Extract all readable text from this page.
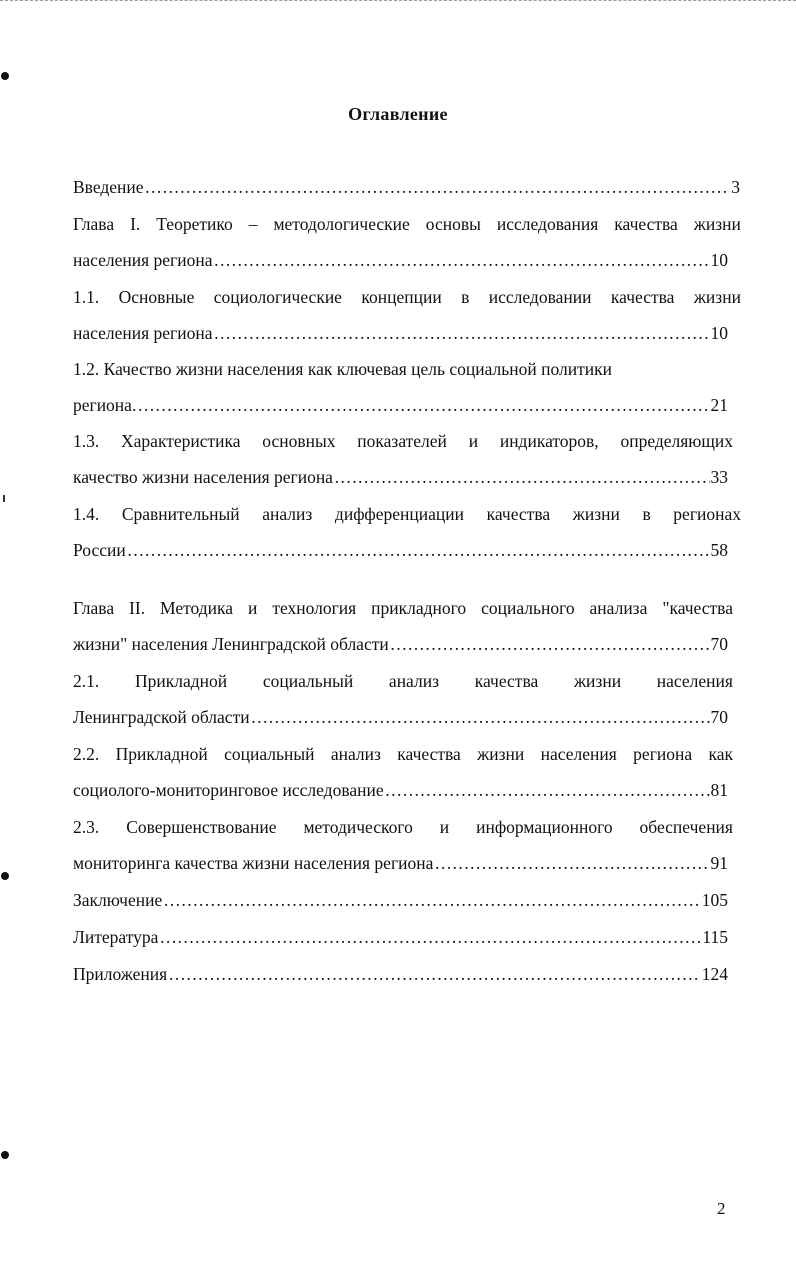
Оглавление
Введение ……………………………………………………………………………………………………………………………………………………………………	3
Глава I. Теоретико – методологические основы исследования качества жизни
населения региона ……………………………………………………………………………………………………………………………………………………………………	10
1.1. Основные социологические концепции в исследовании качества жизни
населения региона ……………………………………………………………………………………………………………………………………………………………………	10
1.2. Качество жизни населения как ключевая цель социальной политики
региона. ……………………………………………………………………………………………………………………………………………………………………	21
1.3. Характеристика основных показателей и индикаторов, определяющих
качество жизни населения региона ……………………………………………………………………………………………………………………………………………………………………	33
1.4. Сравнительный анализ дифференциации качества жизни в регионах
России ……………………………………………………………………………………………………………………………………………………………………	58
Глава II. Методика и технология прикладного социального анализа "качества
жизни" населения Ленинградской области ……………………………………………………………………………………………………………………………………………………………………	70
2.1. Прикладной социальный анализ качества жизни населения
Ленинградской области ……………………………………………………………………………………………………………………………………………………………………	70
2.2. Прикладной социальный анализ качества жизни населения региона как
социолого-мониторинговое исследование ……………………………………………………………………………………………………………………………………………………………………	81
2.3. Совершенствование методического и информационного обеспечения
мониторинга качества жизни населения региона ……………………………………………………………………………………………………………………………………………………………………	91
Заключение ……………………………………………………………………………………………………………………………………………………………………	105
Литература ……………………………………………………………………………………………………………………………………………………………………	115
Приложения ……………………………………………………………………………………………………………………………………………………………………	124
2
